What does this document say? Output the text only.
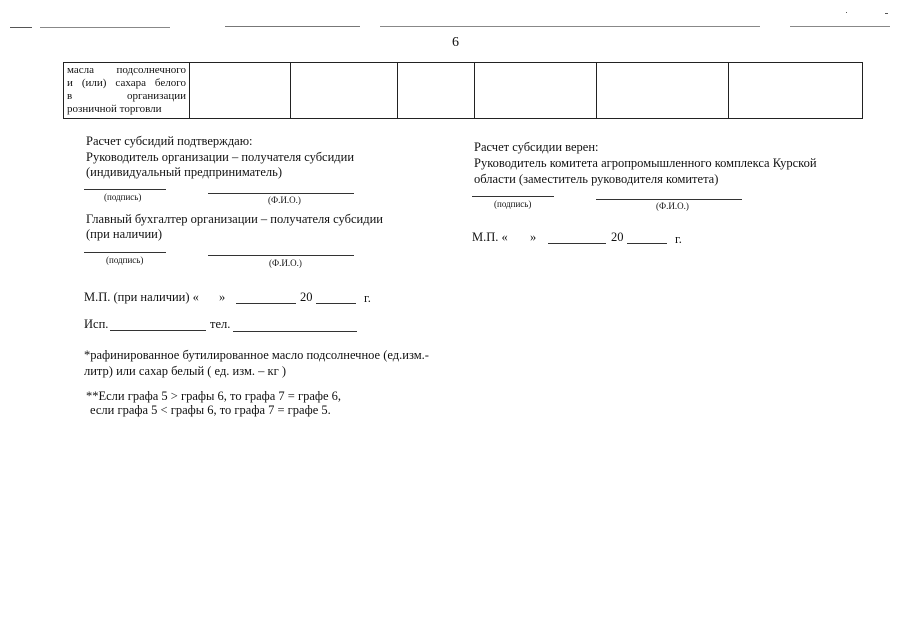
6
масла подсолнечного
и (или) сахара белого
в организации
розничной торговли

Расчет субсидий подтверждаю:
Руководитель организации – получателя субсидии
(индивидуальный предприниматель)
(подпись)	(Ф.И.О.)
Главный бухгалтер организации – получателя субсидии
(при наличии)
(подпись)	(Ф.И.О.)
М.П. (при наличии) « »	20	г.
Исп.	тел.
*рафинированное бутилированное масло подсолнечное (ед.изм.-
литр) или сахар белый ( ед. изм. – кг )
**Если графа 5 > графы 6, то графа 7 = графе 6,
если графа 5 < графы 6, то графа 7 = графе 5.
Расчет субсидии верен:
Руководитель комитета агропромышленного комплекса Курской
области (заместитель руководителя комитета)
(подпись)	(Ф.И.О.)
М.П. « »	20	г.
